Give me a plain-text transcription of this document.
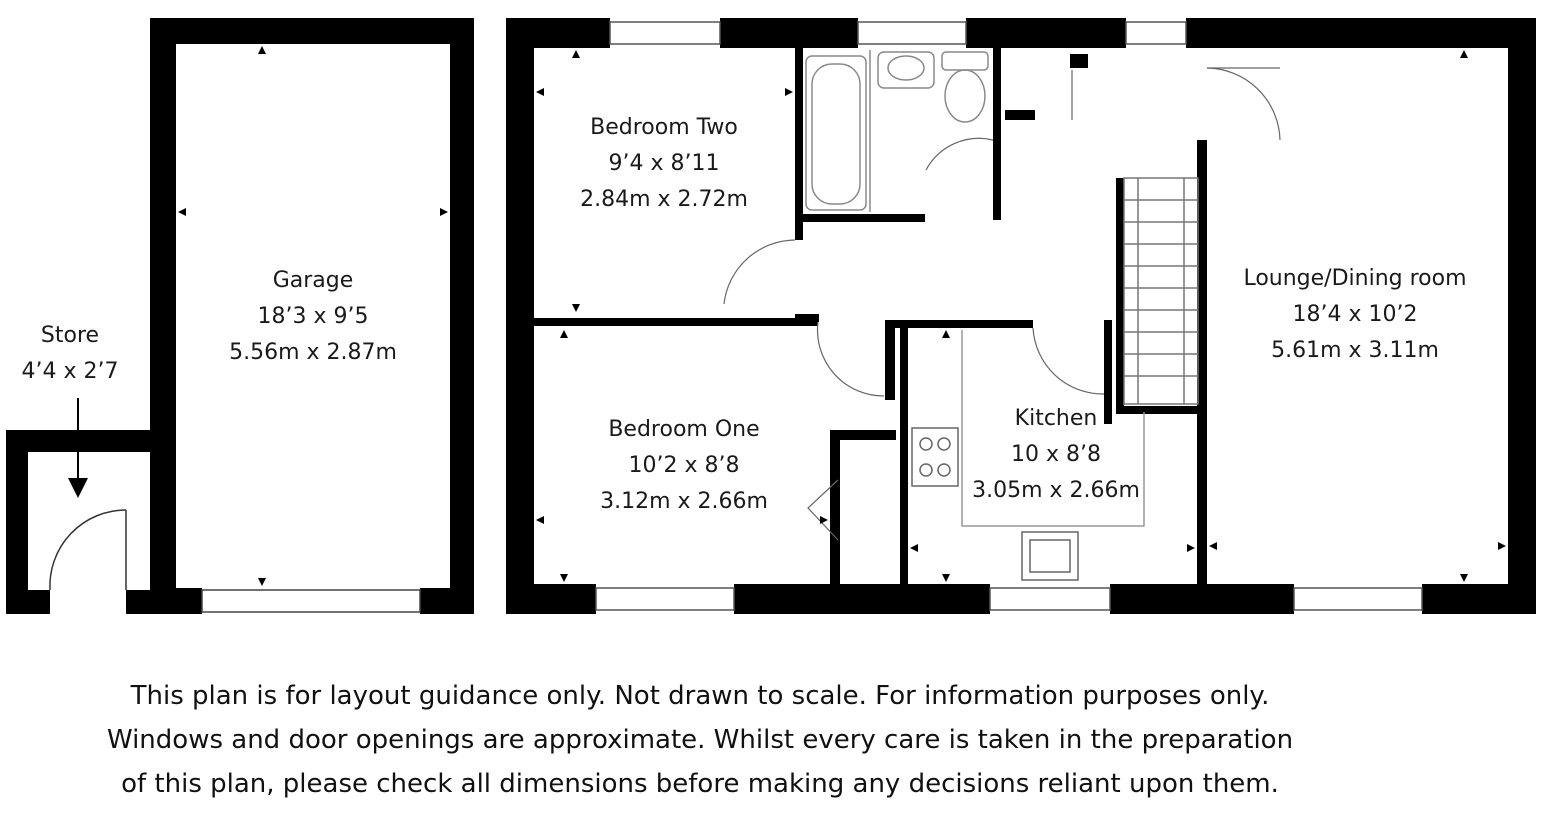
Store
4’4 x 2’7
Garage
18’3 x 9’5
5.56m x 2.87m
Bedroom Two
9’4 x 8’11
2.84m x 2.72m
Bedroom One
10’2 x 8’8
3.12m x 2.66m
Kitchen
10 x 8’8
3.05m x 2.66m
Lounge/Dining room
18’4 x 10’2
5.61m x 3.11m
This plan is for layout guidance only. Not drawn to scale. For information purposes only.
Windows and door openings are approximate. Whilst every care is taken in the preparation
of this plan, please check all dimensions before making any decisions reliant upon them.
